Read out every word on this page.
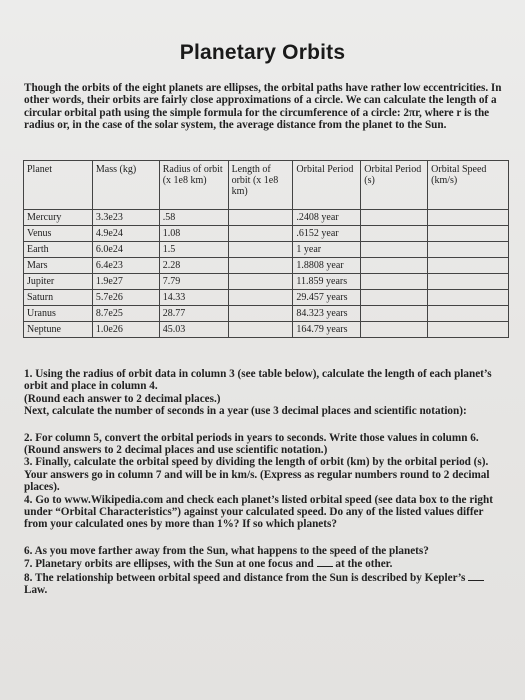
Planetary Orbits
Though the orbits of the eight planets are ellipses, the orbital paths have rather low eccentricities. In other words, their orbits are fairly close approximations of a circle. We can calculate the length of a circular orbital path using the simple formula for the circumference of a circle: 2πr, where r is the radius or, in the case of the solar system, the average distance from the planet to the Sun.
Planet	Mass (kg)	Radius of orbit (x 1e8 km)	Length of orbit (x 1e8 km)	Orbital Period	Orbital Period (s)	Orbital Speed (km/s)
Mercury	3.3e23	.58		.2408 year		
Venus	4.9e24	1.08		.6152 year		
Earth	6.0e24	1.5		1 year		
Mars	6.4e23	2.28		1.8808 year		
Jupiter	1.9e27	7.79		11.859 years		
Saturn	5.7e26	14.33		29.457 years		
Uranus	8.7e25	28.77		84.323 years		
Neptune	1.0e26	45.03		164.79 years		

1. Using the radius of orbit data in column 3 (see table below), calculate the length of each planet’s orbit and place in column 4.

(Round each answer to 2 decimal places.)

Next, calculate the number of seconds in a year (use 3 decimal places and scientific notation):

2. For column 5, convert the orbital periods in years to seconds. Write those values in column 6. (Round answers to 2 decimal places and use scientific notation.)

3. Finally, calculate the orbital speed by dividing the length of orbit (km) by the orbital period (s). Your answers go in column 7 and will be in km/s. (Express as regular numbers round to 2 decimal places).

4. Go to www.Wikipedia.com and check each planet’s listed orbital speed (see data box to the right under “Orbital Characteristics”) against your calculated speed. Do any of the listed values differ from your calculated ones by more than 1%? If so which planets?

6. As you move farther away from the Sun, what happens to the speed of the planets?

7. Planetary orbits are ellipses, with the Sun at one focus and at the other.

8. The relationship between orbital speed and distance from the Sun is described by Kepler’s  Law.
